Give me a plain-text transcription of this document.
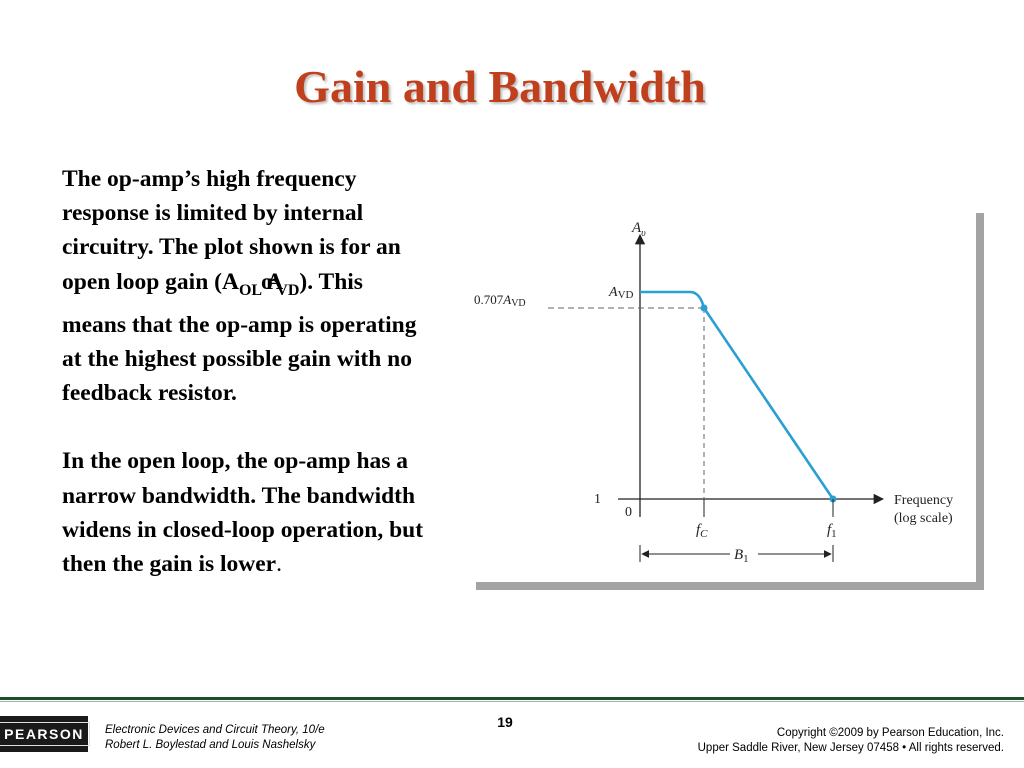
Gain and Bandwidth

The op-amp’s high frequency response is limited by internal circuitry. The plot shown is for an open loop gain ($A_{OL}$ or $A_{VD}$). This means that the op-amp is operating at the highest possible gain with no feedback resistor.

In the open loop, the op-amp has a narrow bandwidth. The bandwidth widens in closed-loop operation, but then the gain is lower.

$A_\upsilon$
AVD
0.707AVD
1
0
Frequency
(log scale)
$f_C$	$f_1$
$B_1$
PEARSON	Electronic Devices and Circuit Theory, 10/e
Robert L. Boylestad and Louis Nashelsky
19
Copyright ©2009 by Pearson Education, Inc.
Upper Saddle River, New Jersey 07458 • All rights reserved.
